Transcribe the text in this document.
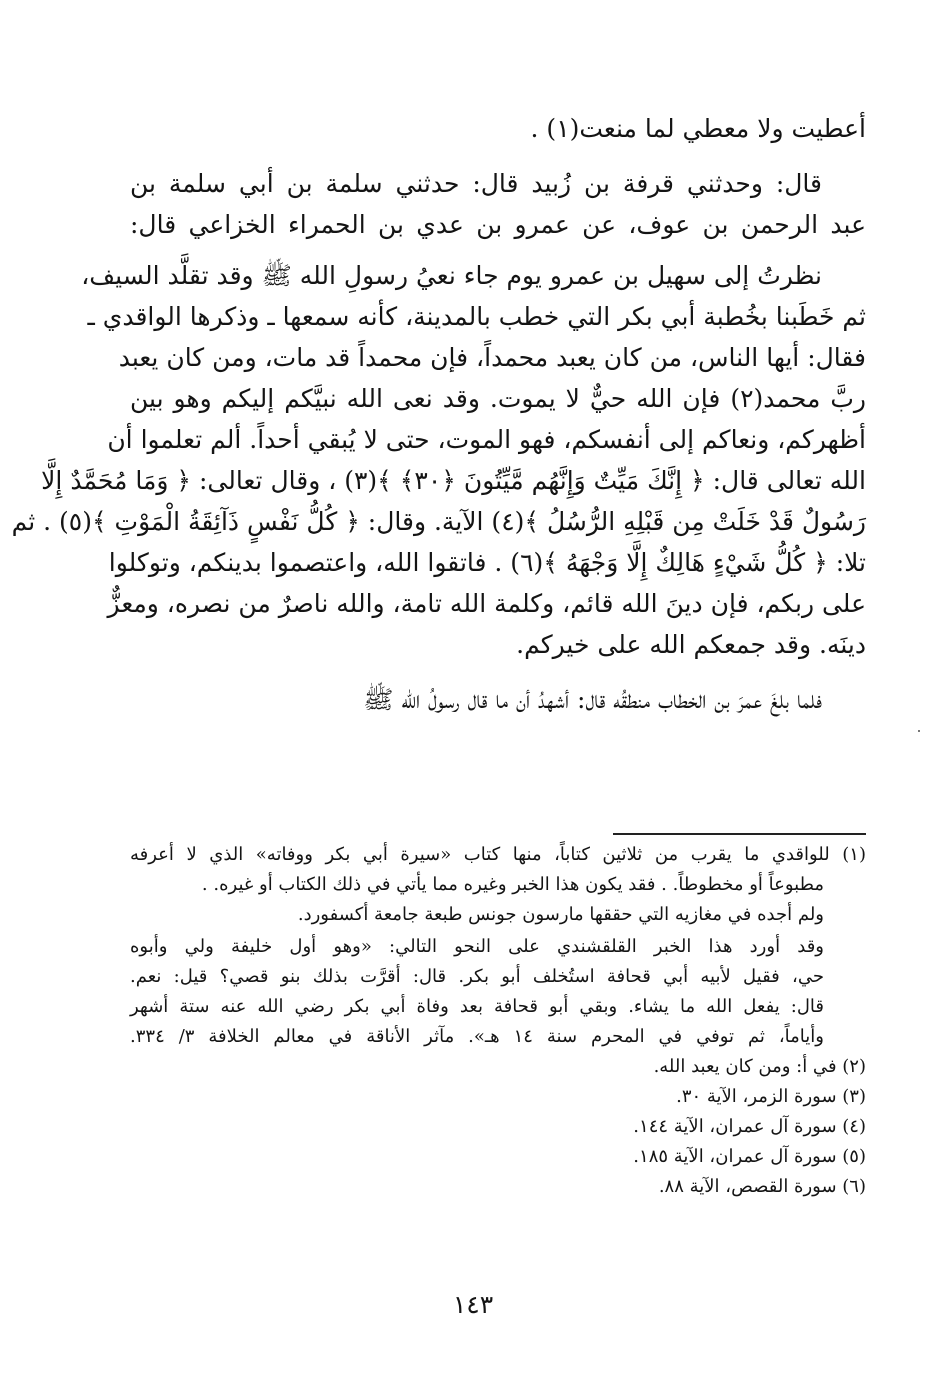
أعطيت ولا معطي لما منعت(١) .
قال: وحدثني قرفة بن زُبيد قال: حدثني سلمة بن أبي سلمة بن
عبد الرحمن بن عوف، عن عمرو بن عدي بن الحمراء الخزاعي قال:
نظرتُ إلى سهيل بن عمرو يوم جاء نعيُ رسولِ الله ﷺ وقد تقلَّد السيف،
ثم خَطَبنا بخُطبة أبي بكر التي خطب بالمدينة، كأنه سمعها ـ وذكرها الواقدي ـ
فقال: أيها الناس، من كان يعبد محمداً، فإن محمداً قد مات، ومن كان يعبد
ربَّ محمد(٢) فإن الله حيٌّ لا يموت. وقد نعى الله نبيَّكم إليكم وهو بين
أظهركم، ونعاكم إلى أنفسكم، فهو الموت، حتى لا يُبقي أحداً. ألم تعلموا أن
الله تعالى قال: ﴿ إِنَّكَ مَيِّتٌ وَإِنَّهُم مَّيِّتُونَ ﴿٣٠﴾ ﴾(٣) ، وقال تعالى: ﴿ وَمَا مُحَمَّدٌ إِلَّا
رَسُولٌ قَدْ خَلَتْ مِن قَبْلِهِ الرُّسُلُ ﴾(٤) الآية. وقال: ﴿ كُلُّ نَفْسٍ ذَآئِقَةُ الْمَوْتِ ﴾(٥) . ثم
تلا: ﴿ كُلُّ شَيْءٍ هَالِكٌ إِلَّا وَجْهَهُ ﴾(٦) . فاتقوا الله، واعتصموا بدينكم، وتوكلوا
على ربكم، فإن دينَ الله قائم، وكلمة الله تامة، والله ناصرٌ من نصره، ومعزٌّ
دينَه. وقد جمعكم الله على خيركم.
فلما بلغَ عمرَ بن الخطاب منطقُه قال: أشهدُ أن ما قال رسولُ الله ﷺ
(١) للواقدي ما يقرب من ثلاثين كتاباً، منها كتاب «سيرة أبي بكر ووفاته» الذي لا أعرفه
مطبوعاً أو مخطوطاً. . فقد يكون هذا الخبر وغيره مما يأتي في ذلك الكتاب أو غيره. .
ولم أجده في مغازيه التي حققها مارسون جونس طبعة جامعة أكسفورد.
وقد أورد هذا الخبر القلقشندي على النحو التالي: «وهو أول خليفة ولي وأبوه
حي، فقيل لأبيه أبي قحافة استُخلف أبو بكر. قال: أقرَّت بذلك بنو قصي؟ قيل: نعم.
قال: يفعل الله ما يشاء. وبقي أبو قحافة بعد وفاة أبي بكر رضي الله عنه ستة أشهر
وأياماً، ثم توفي في المحرم سنة ١٤ هـ». مآثر الأناقة في معالم الخلافة ٣/ ٣٣٤.
(٢) في أ: ومن كان يعبد الله.
(٣) سورة الزمر، الآية ٣٠.
(٤) سورة آل عمران، الآية ١٤٤.
(٥) سورة آل عمران، الآية ١٨٥.
(٦) سورة القصص، الآية ٨٨.
١٤٣
